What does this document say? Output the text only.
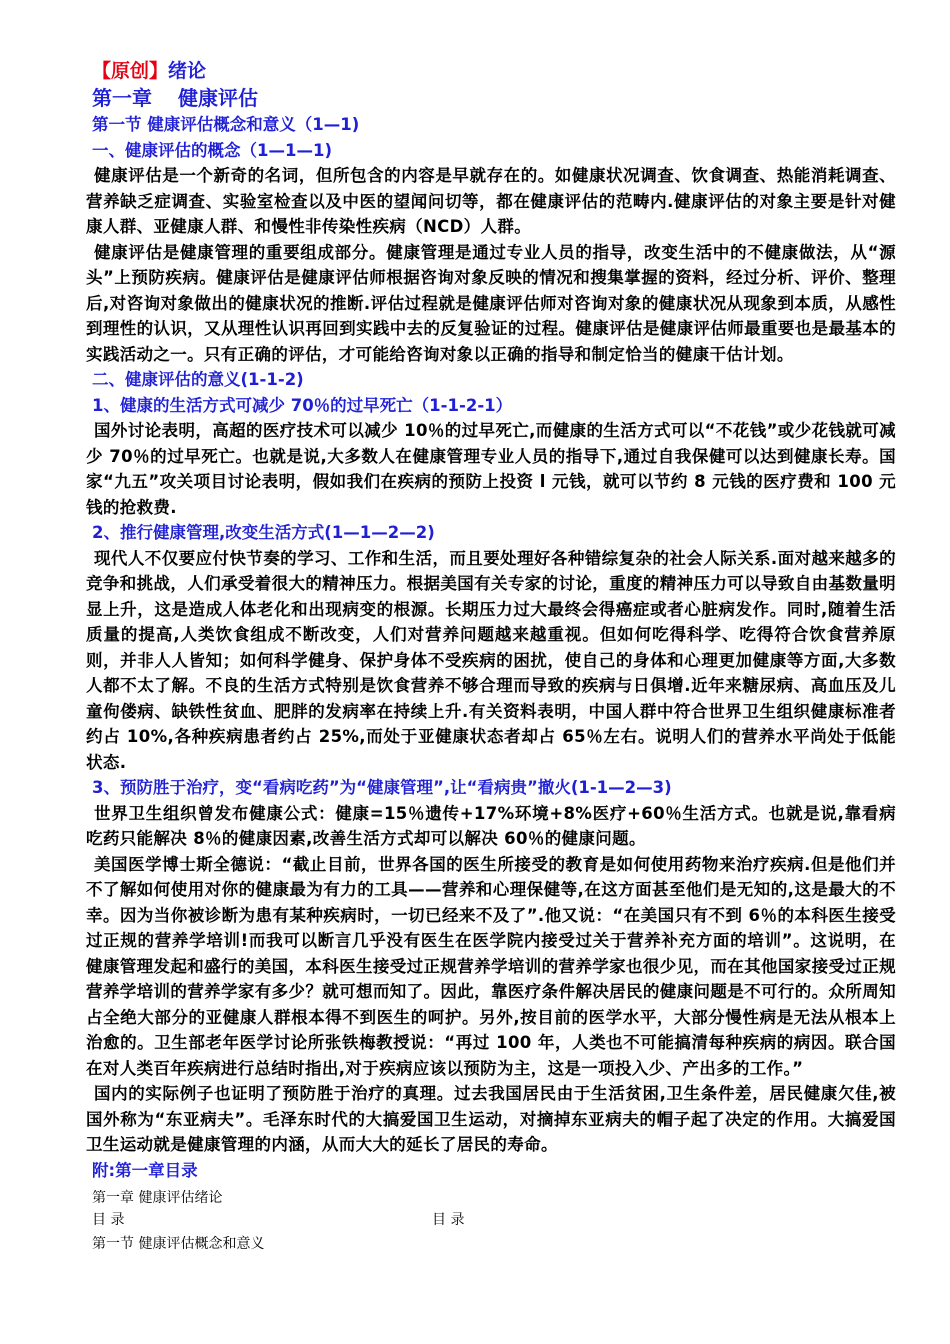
【原创】绪论
第一章 健康评估
第一节 健康评估概念和意义（1—1)
一、健康评估的概念（1—1—1)

健康评估是一个新奇的名词，但所包含的内容是早就存在的。如健康状况调查、饮食调查、热能消耗调查、营养缺乏症调查、实验室检查以及中医的望闻问切等，都在健康评估的范畴内.健康评估的对象主要是针对健康人群、亚健康人群、和慢性非传染性疾病（NCD）人群。

健康评估是健康管理的重要组成部分。健康管理是通过专业人员的指导，改变生活中的不健康做法，从“源头”上预防疾病。健康评估是健康评估师根据咨询对象反映的情况和搜集掌握的资料，经过分析、评价、整理后,对咨询对象做出的健康状况的推断.评估过程就是健康评估师对咨询对象的健康状况从现象到本质，从感性到理性的认识，又从理性认识再回到实践中去的反复验证的过程。健康评估是健康评估师最重要也是最基本的实践活动之一。只有正确的评估，才可能给咨询对象以正确的指导和制定恰当的健康干估计划。

二、健康评估的意义(1-1-2)
1、健康的生活方式可减少 70％的过早死亡（1-1-2-1）

国外讨论表明，高超的医疗技术可以减少 10％的过早死亡,而健康的生活方式可以“不花钱”或少花钱就可减少 70％的过早死亡。也就是说,大多数人在健康管理专业人员的指导下,通过自我保健可以达到健康长寿。国家“九五”攻关项目讨论表明，假如我们在疾病的预防上投资 l 元钱，就可以节约 8 元钱的医疗费和 100 元钱的抢救费.

2、推行健康管理,改变生活方式(1—1—2—2)

现代人不仅要应付快节奏的学习、工作和生活，而且要处理好各种错综复杂的社会人际关系.面对越来越多的竞争和挑战，人们承受着很大的精神压力。根据美国有关专家的讨论，重度的精神压力可以导致自由基数量明显上升，这是造成人体老化和出现病变的根源。长期压力过大最终会得癌症或者心脏病发作。同时,随着生活质量的提高,人类饮食组成不断改变，人们对营养问题越来越重视。但如何吃得科学、吃得符合饮食营养原则，并非人人皆知；如何科学健身、保护身体不受疾病的困扰，使自己的身体和心理更加健康等方面,大多数人都不太了解。不良的生活方式特别是饮食营养不够合理而导致的疾病与日俱增.近年来糖尿病、高血压及儿童佝偻病、缺铁性贫血、肥胖的发病率在持续上升.有关资料表明，中国人群中符合世界卫生组织健康标准者约占 10%,各种疾病患者约占 25%,而处于亚健康状态者却占 65％左右。说明人们的营养水平尚处于低能状态.

3、预防胜于治疗，变“看病吃药”为“健康管理”,让“看病贵”撤火(1-1—2—3)

世界卫生组织曾发布健康公式：健康=15％遗传+17%环境+8%医疗+60％生活方式。也就是说,靠看病吃药只能解决 8％的健康因素,改善生活方式却可以解决 60％的健康问题。

美国医学博士斯全德说：“截止目前，世界各国的医生所接受的教育是如何使用药物来治疗疾病.但是他们并不了解如何使用对你的健康最为有力的工具——营养和心理保健等,在这方面甚至他们是无知的,这是最大的不幸。因为当你被诊断为患有某种疾病时，一切已经来不及了”.他又说：“在美国只有不到 6％的本科医生接受过正规的营养学培训!而我可以断言几乎没有医生在医学院内接受过关于营养补充方面的培训”。这说明，在健康管理发起和盛行的美国，本科医生接受过正规营养学培训的营养学家也很少见，而在其他国家接受过正规营养学培训的营养学家有多少？就可想而知了。因此，靠医疗条件解决居民的健康问题是不可行的。众所周知占全绝大部分的亚健康人群根本得不到医生的呵护。另外,按目前的医学水平，大部分慢性病是无法从根本上治愈的。卫生部老年医学讨论所张铁梅教授说：“再过 100 年，人类也不可能搞清每种疾病的病因。联合国在对人类百年疾病进行总结时指出,对于疾病应该以预防为主，这是一项投入少、产出多的工作。”

国内的实际例子也证明了预防胜于治疗的真理。过去我国居民由于生活贫困,卫生条件差，居民健康欠佳,被国外称为“东亚病夫”。毛泽东时代的大搞爱国卫生运动，对摘掉东亚病夫的帽子起了决定的作用。大搞爱国卫生运动就是健康管理的内涵，从而大大的延长了居民的寿命。

附:第一章目录
第一章 健康评估绪论
目 录	目 录
第一节 健康评估概念和意义
